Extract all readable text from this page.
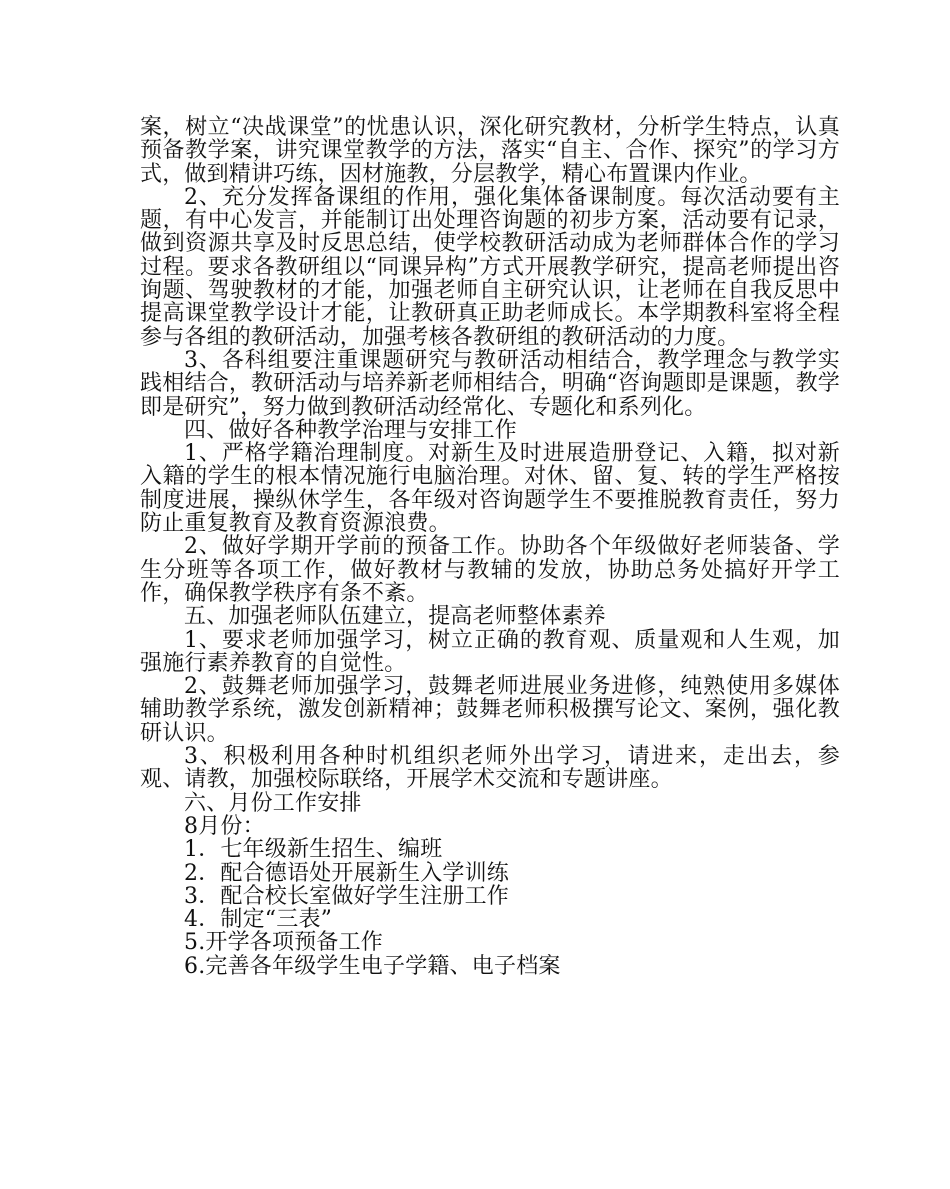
案，树立“决战课堂”的忧患认识，深化研究教材，分析学生特点，认真预备教学案，讲究课堂教学的方法，落实“自主、合作、探究”的学习方式，做到精讲巧练，因材施教，分层教学，精心布置课内作业。

2、充分发挥备课组的作用，强化集体备课制度。每次活动要有主题，有中心发言，并能制订出处理咨询题的初步方案，活动要有记录，做到资源共享及时反思总结，使学校教研活动成为老师群体合作的学习过程。要求各教研组以“同课异构”方式开展教学研究，提高老师提出咨询题、驾驶教材的才能，加强老师自主研究认识，让老师在自我反思中提高课堂教学设计才能，让教研真正助老师成长。本学期教科室将全程参与各组的教研活动，加强考核各教研组的教研活动的力度。

3、各科组要注重课题研究与教研活动相结合，教学理念与教学实践相结合，教研活动与培养新老师相结合，明确“咨询题即是课题，教学即是研究”，努力做到教研活动经常化、专题化和系列化。

四、做好各种教学治理与安排工作

1、严格学籍治理制度。对新生及时进展造册登记、入籍，拟对新入籍的学生的根本情况施行电脑治理。对休、留、复、转的学生严格按制度进展，操纵休学生，各年级对咨询题学生不要推脱教育责任，努力防止重复教育及教育资源浪费。

2、做好学期开学前的预备工作。协助各个年级做好老师装备、学生分班等各项工作，做好教材与教辅的发放，协助总务处搞好开学工作，确保教学秩序有条不紊。

五、加强老师队伍建立，提高老师整体素养

1、要求老师加强学习，树立正确的教育观、质量观和人生观，加强施行素养教育的自觉性。

2、鼓舞老师加强学习，鼓舞老师进展业务进修，纯熟使用多媒体辅助教学系统，激发创新精神；鼓舞老师积极撰写论文、案例，强化教研认识。

3、积极利用各种时机组织老师外出学习，请进来，走出去，参观、请教，加强校际联络，开展学术交流和专题讲座。

六、月份工作安排

8月份：

1．七年级新生招生、编班

2．配合德语处开展新生入学训练

3．配合校长室做好学生注册工作

4．制定“三表”

5.开学各项预备工作

6.完善各年级学生电子学籍、电子档案
